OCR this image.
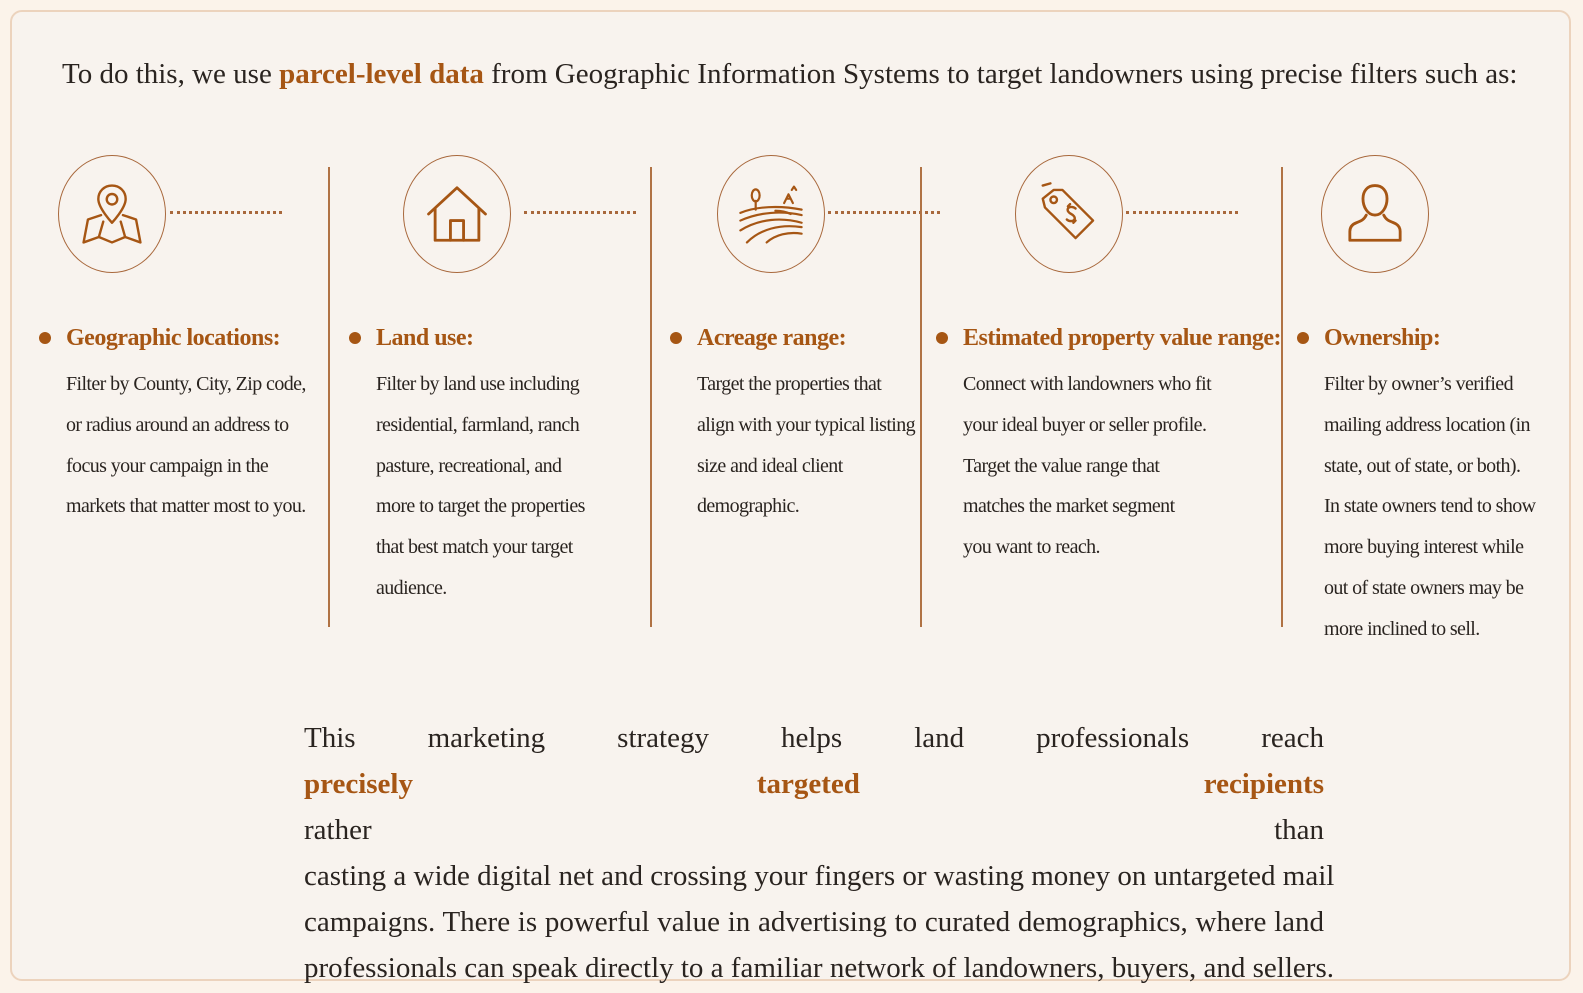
To do this, we use parcel-level data from Geographic Information Systems to target landowners using precise filters such as:
Geographic locations:
Filter by County, City, Zip code,
or radius around an address to
focus your campaign in the
markets that matter most to you.
Land use:
Filter by land use including
residential, farmland, ranch
pasture, recreational, and
more to target the properties
that best match your target
audience.
Acreage range:
Target the properties that
align with your typical listing
size and ideal client
demographic.
Estimated property value range:
Connect with landowners who fit
your ideal buyer or seller profile.
Target the value range that
matches the market segment
you want to reach.
Ownership:
Filter by owner’s verified
mailing address location (in
state, out of state, or both).
In state owners tend to show
more buying interest while
out of state owners may be
more inclined to sell.
This marketing strategy helps land professionals reach
precisely targeted recipients
rather than
casting a wide digital net and crossing your fingers or wasting money on untargeted mail
campaigns. There is powerful value in advertising to curated demographics, where land
professionals can speak directly to a familiar network of landowners, buyers, and sellers.
